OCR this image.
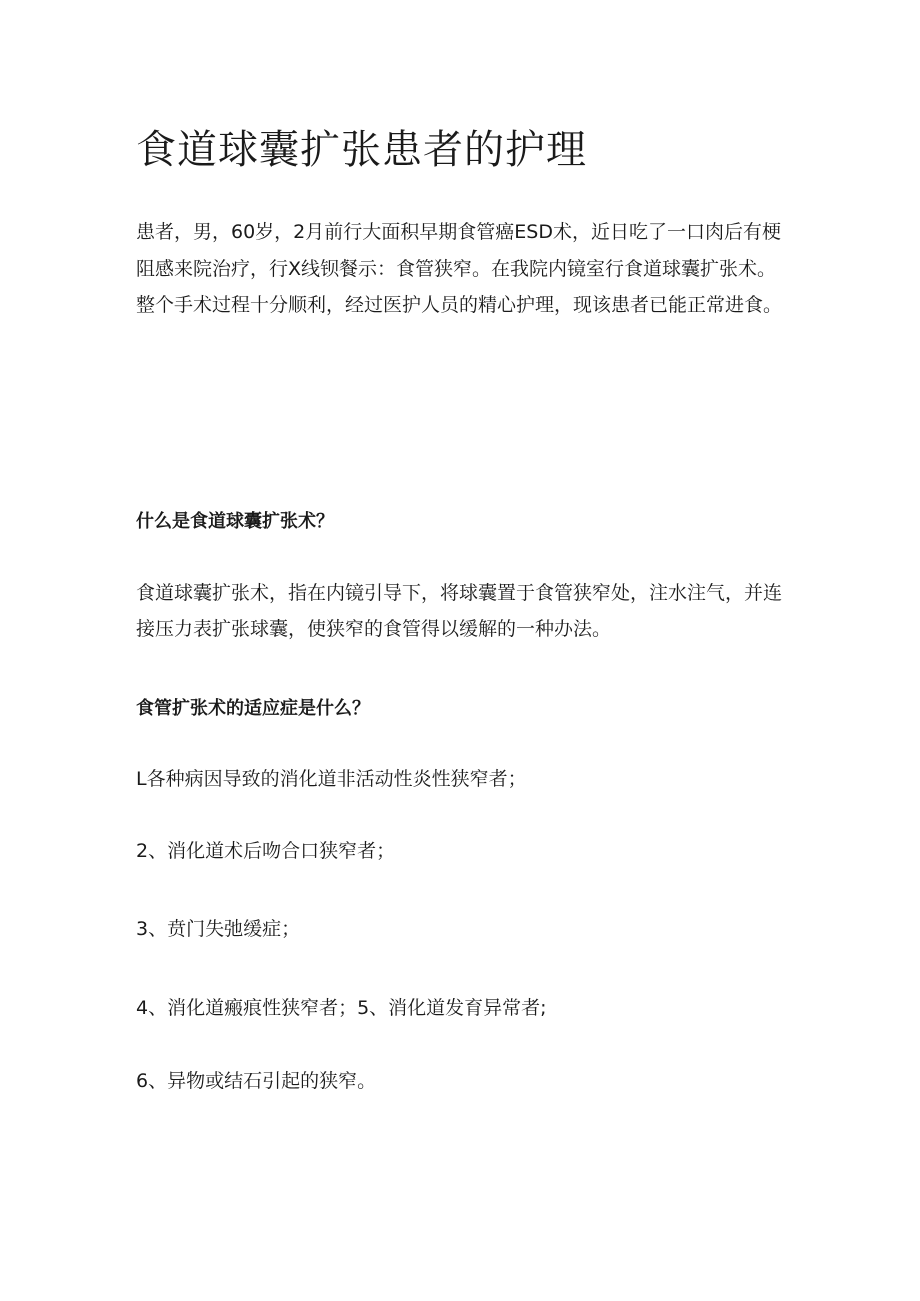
食道球囊扩张患者的护理

患者，男，60岁，2月前行大面积早期食管癌ESD术，近日吃了一口肉后有梗阻感来院治疗，行X线钡餐示：食管狭窄。在我院内镜室行食道球囊扩张术。整个手术过程十分顺利，经过医护人员的精心护理，现该患者已能正常进食。

什么是食道球囊扩张术？

食道球囊扩张术，指在内镜引导下，将球囊置于食管狭窄处，注水注气，并连接压力表扩张球囊，使狭窄的食管得以缓解的一种办法。

食管扩张术的适应症是什么？

L各种病因导致的消化道非活动性炎性狭窄者；

2、消化道术后吻合口狭窄者；

3、贲门失弛缓症；

4、消化道瘢痕性狭窄者；5、消化道发育异常者;

6、异物或结石引起的狭窄。
